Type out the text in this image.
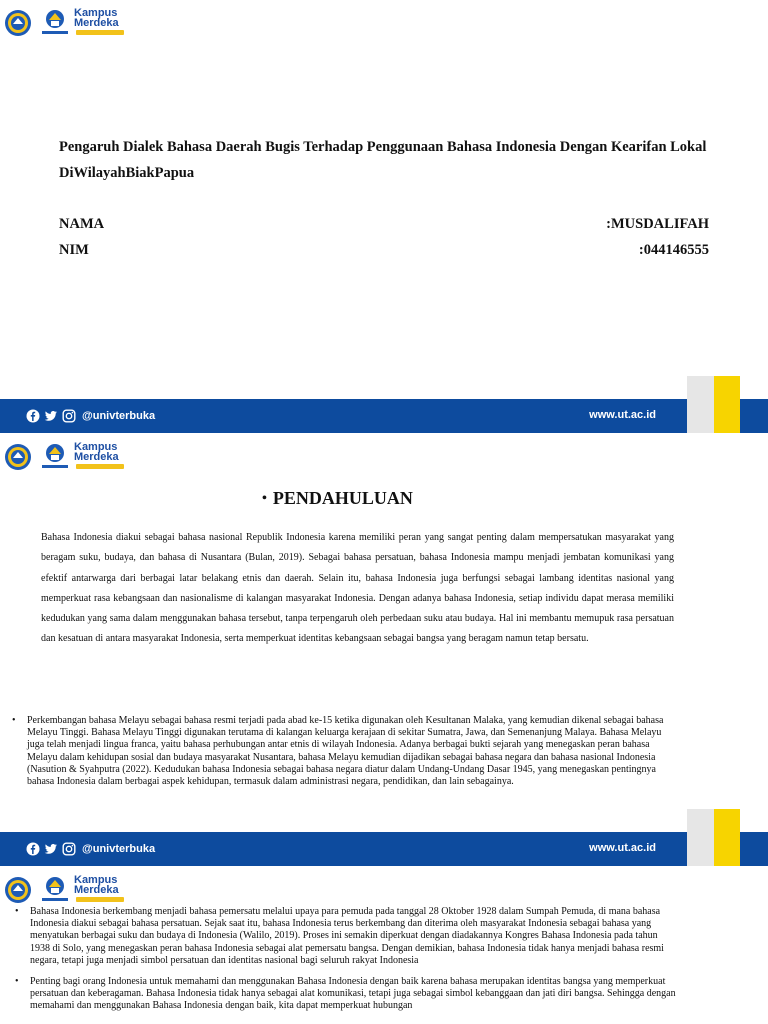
Kampus
Merdeka

Pengaruh Dialek Bahasa Daerah Bugis Terhadap Penggunaan Bahasa Indonesia Dengan Kearifan Lokal DiWilayahBiakPapua

NAMA	:MUSDALIFAH
NIM	:044146555
@univterbuka	www.ut.ac.id
Kampus
Merdeka
• PENDAHULUAN

Bahasa Indonesia diakui sebagai bahasa nasional Republik Indonesia karena memiliki peran yang sangat penting dalam mempersatukan masyarakat yang beragam suku, budaya, dan bahasa di Nusantara (Bulan, 2019). Sebagai bahasa persatuan, bahasa Indonesia mampu menjadi jembatan komunikasi yang efektif antarwarga dari berbagai latar belakang etnis dan daerah. Selain itu, bahasa Indonesia juga berfungsi sebagai lambang identitas nasional yang memperkuat rasa kebangsaan dan nasionalisme di kalangan masyarakat Indonesia. Dengan adanya bahasa Indonesia, setiap individu dapat merasa memiliki kedudukan yang sama dalam menggunakan bahasa tersebut, tanpa terpengaruh oleh perbedaan suku atau budaya. Hal ini membantu memupuk rasa persatuan dan kesatuan di antara masyarakat Indonesia, serta memperkuat identitas kebangsaan sebagai bangsa yang beragam namun tetap bersatu.

• Perkembangan bahasa Melayu sebagai bahasa resmi terjadi pada abad ke-15 ketika digunakan oleh Kesultanan Malaka, yang kemudian dikenal sebagai bahasa Melayu Tinggi. Bahasa Melayu Tinggi digunakan terutama di kalangan keluarga kerajaan di sekitar Sumatra, Jawa, dan Semenanjung Malaya. Bahasa Melayu juga telah menjadi lingua franca, yaitu bahasa perhubungan antar etnis di wilayah Indonesia. Adanya berbagai bukti sejarah yang menegaskan peran bahasa Melayu dalam kehidupan sosial dan budaya masyarakat Nusantara, bahasa Melayu kemudian dijadikan sebagai bahasa negara dan bahasa nasional Indonesia (Nasution & Syahputra (2022). Kedudukan bahasa Indonesia sebagai bahasa negara diatur dalam Undang-Undang Dasar 1945, yang menegaskan pentingnya bahasa Indonesia dalam berbagai aspek kehidupan, termasuk dalam administrasi negara, pendidikan, dan lain sebagainya.
@univterbuka	www.ut.ac.id
Kampus
Merdeka
• Bahasa Indonesia berkembang menjadi bahasa pemersatu melalui upaya para pemuda pada tanggal 28 Oktober 1928 dalam Sumpah Pemuda, di mana bahasa Indonesia diakui sebagai bahasa persatuan. Sejak saat itu, bahasa Indonesia terus berkembang dan diterima oleh masyarakat Indonesia sebagai bahasa yang menyatukan berbagai suku dan budaya di Indonesia (Walilo, 2019). Proses ini semakin diperkuat dengan diadakannya Kongres Bahasa Indonesia pada tahun 1938 di Solo, yang menegaskan peran bahasa Indonesia sebagai alat pemersatu bangsa. Dengan demikian, bahasa Indonesia tidak hanya menjadi bahasa resmi negara, tetapi juga menjadi simbol persatuan dan identitas nasional bagi seluruh rakyat Indonesia
• Penting bagi orang Indonesia untuk memahami dan menggunakan Bahasa Indonesia dengan baik karena bahasa merupakan identitas bangsa yang memperkuat persatuan dan keberagaman. Bahasa Indonesia tidak hanya sebagai alat komunikasi, tetapi juga sebagai simbol kebanggaan dan jati diri bangsa. Sehingga dengan memahami dan menggunakan Bahasa Indonesia dengan baik, kita dapat memperkuat hubungan
